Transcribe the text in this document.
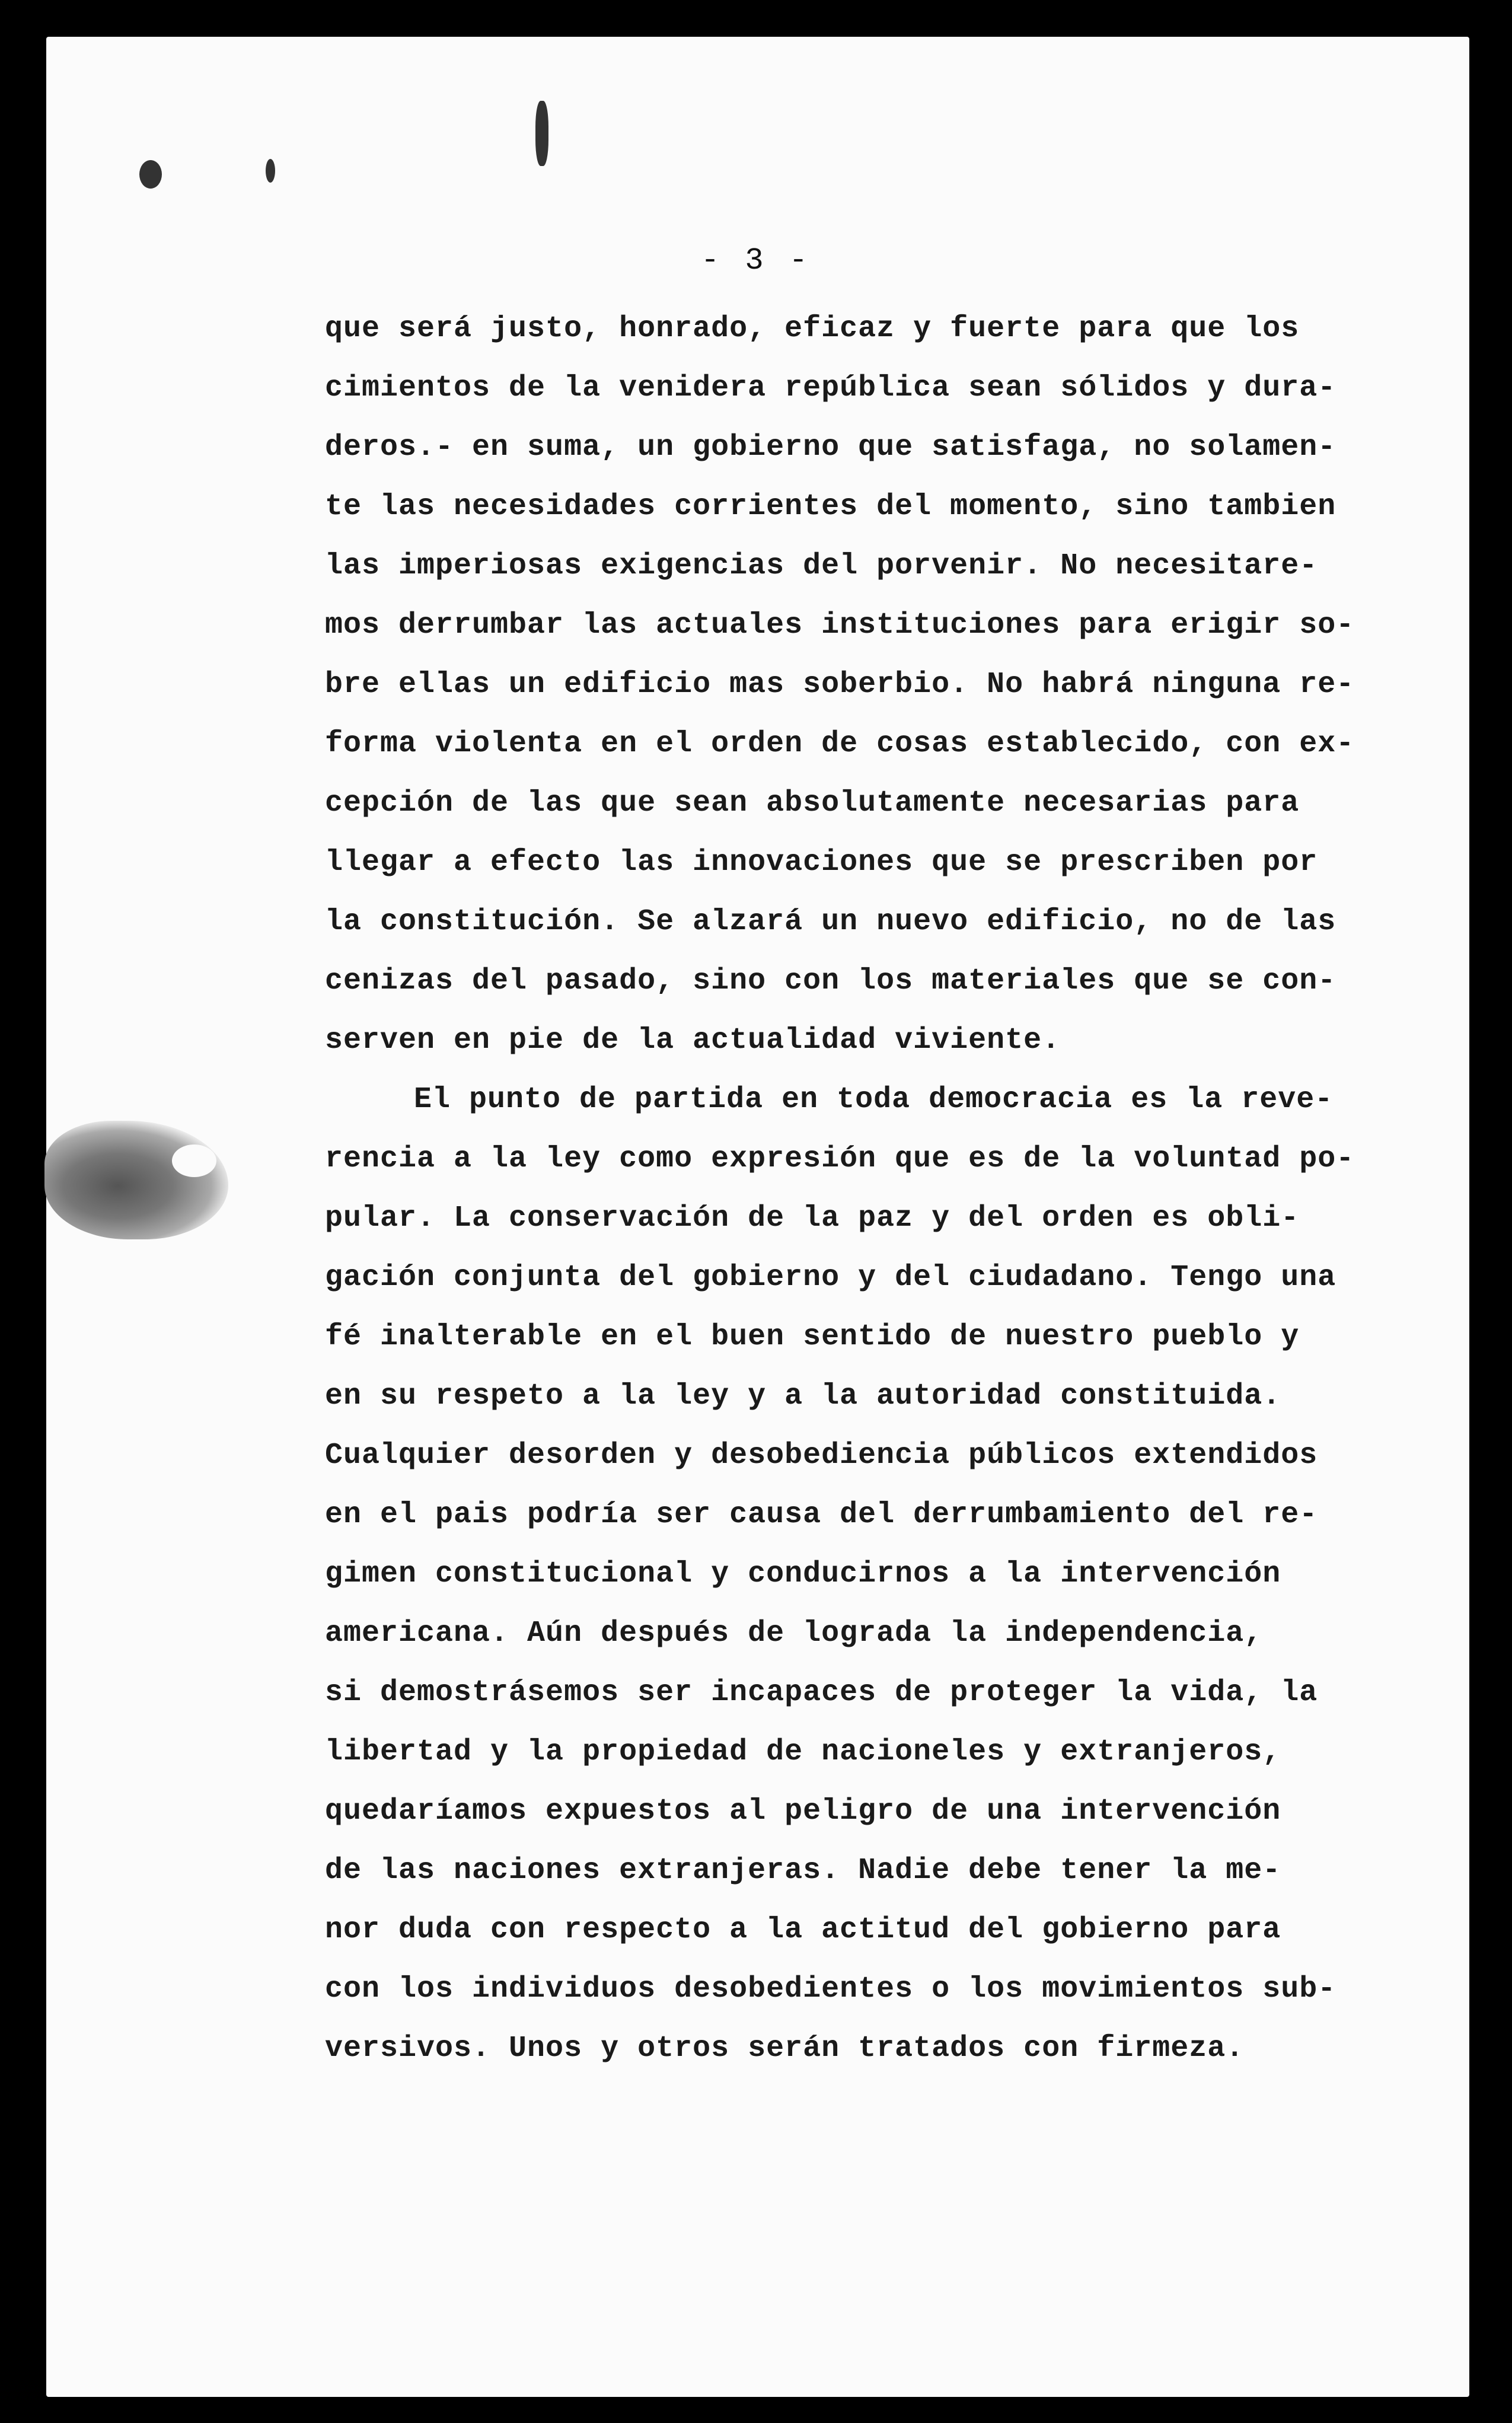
- 3 -
que será justo, honrado, eficaz y fuerte para que los
cimientos de la venidera república sean sólidos y dura-
deros.- en suma, un gobierno que satisfaga, no solamen-
te las necesidades corrientes del momento, sino tambien
las imperiosas exigencias del porvenir. No necesitare-
mos derrumbar las actuales instituciones para erigir so-
bre ellas un edificio mas soberbio. No habrá ninguna re-
forma violenta en el orden de cosas establecido, con ex-
cepción de las que sean absolutamente necesarias para
llegar a efecto las innovaciones que se prescriben por
la constitución. Se alzará un nuevo edificio, no de las
cenizas del pasado, sino con los materiales que se con-
serven en pie de la actualidad viviente.
El punto de partida en toda democracia es la reve-
rencia a la ley como expresión que es de la voluntad po-
pular. La conservación de la paz y del orden es obli-
gación conjunta del gobierno y del ciudadano. Tengo una
fé inalterable en el buen sentido de nuestro pueblo y
en su respeto a la ley y a la autoridad constituida.
Cualquier desorden y desobediencia públicos extendidos
en el pais podría ser causa del derrumbamiento del re-
gimen constitucional y conducirnos a la intervención
americana. Aún después de lograda la independencia,
si demostrásemos ser incapaces de proteger la vida, la
libertad y la propiedad de nacioneles y extranjeros,
quedaríamos expuestos al peligro de una intervención
de las naciones extranjeras. Nadie debe tener la me-
nor duda con respecto a la actitud del gobierno para
con los individuos desobedientes o los movimientos sub-
versivos. Unos y otros serán tratados con firmeza.
